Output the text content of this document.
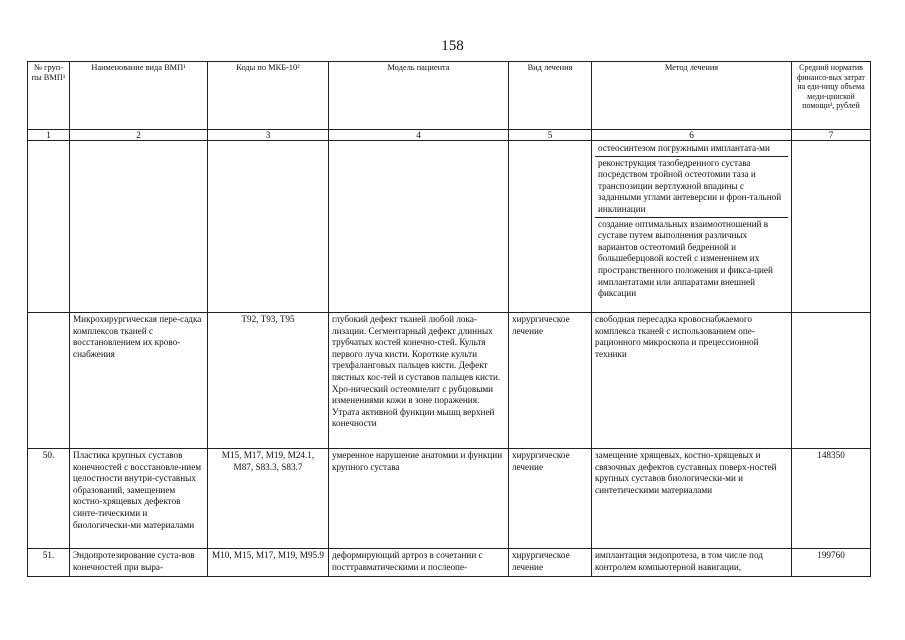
158
№ груп-пы ВМП¹	Наименование вида ВМП¹	Коды по МКБ-10²	Модель пациента	Вид лечения	Метод лечения	Средний норматив финансо-вых затрат на еди-ницу объема меди-цинской помощи³, рублей
1	2	3	4	5	6	7

					остеосинтезом погружными имплантата-ми
реконструкция тазобедренного сустава посредством тройной остеотомии таза и транспозиции вертлужной впадины с заданными углами антеверсии и фрон-тальной инклинации
создание оптимальных взаимоотношений в суставе путем выполнения различных вариантов остеотомий бедренной и большеберцовой костей с изменением их пространственного положения и фикса-цией имплантатами или аппаратами внешней фиксации	

	Микрохирургическая пере-садка комплексов тканей с восстановлением их крово-снабжения	T92, T93, T95	глубокий дефект тканей любой лока-лизации. Сегментарный дефект длинных трубчатых костей конечно-стей. Культя первого луча кисти. Короткие культи трехфаланговых пальцев кисти. Дефект пястных кос-тей и суставов пальцев кисти. Хро-нический остеомиелит с рубцовыми изменениями кожи в зоне поражения. Утрата активной функции мышц верхней конечности	хирургическое лечение	свободная пересадка кровоснабжаемого комплекса тканей с использованием опе-рационного микроскопа и прецессионной техники	
50.	Пластика крупных суставов конечностей с восстановле-нием целостности внутри-суставных образований, замещением костно-хрящевых дефектов синте-тическими и биологически-ми материалами	M15, M17, M19, M24.1, M87, S83.3, S83.7	умеренное нарушение анатомии и функции крупного сустава	хирургическое лечение	замещение хрящевых, костно-хрящевых и связочных дефектов суставных поверх-ностей крупных суставов биологически-ми и синтетическими материалами	148350
51.	Эндопротезирование суста-вов конечностей при выра-	M10, M15, M17, M19, M95.9	деформирующий артроз в сочетании с посттравматическими и послеопе-	хирургическое лечение	имплантация эндопротеза, в том числе под контролем компьютерной навигации,	199760
